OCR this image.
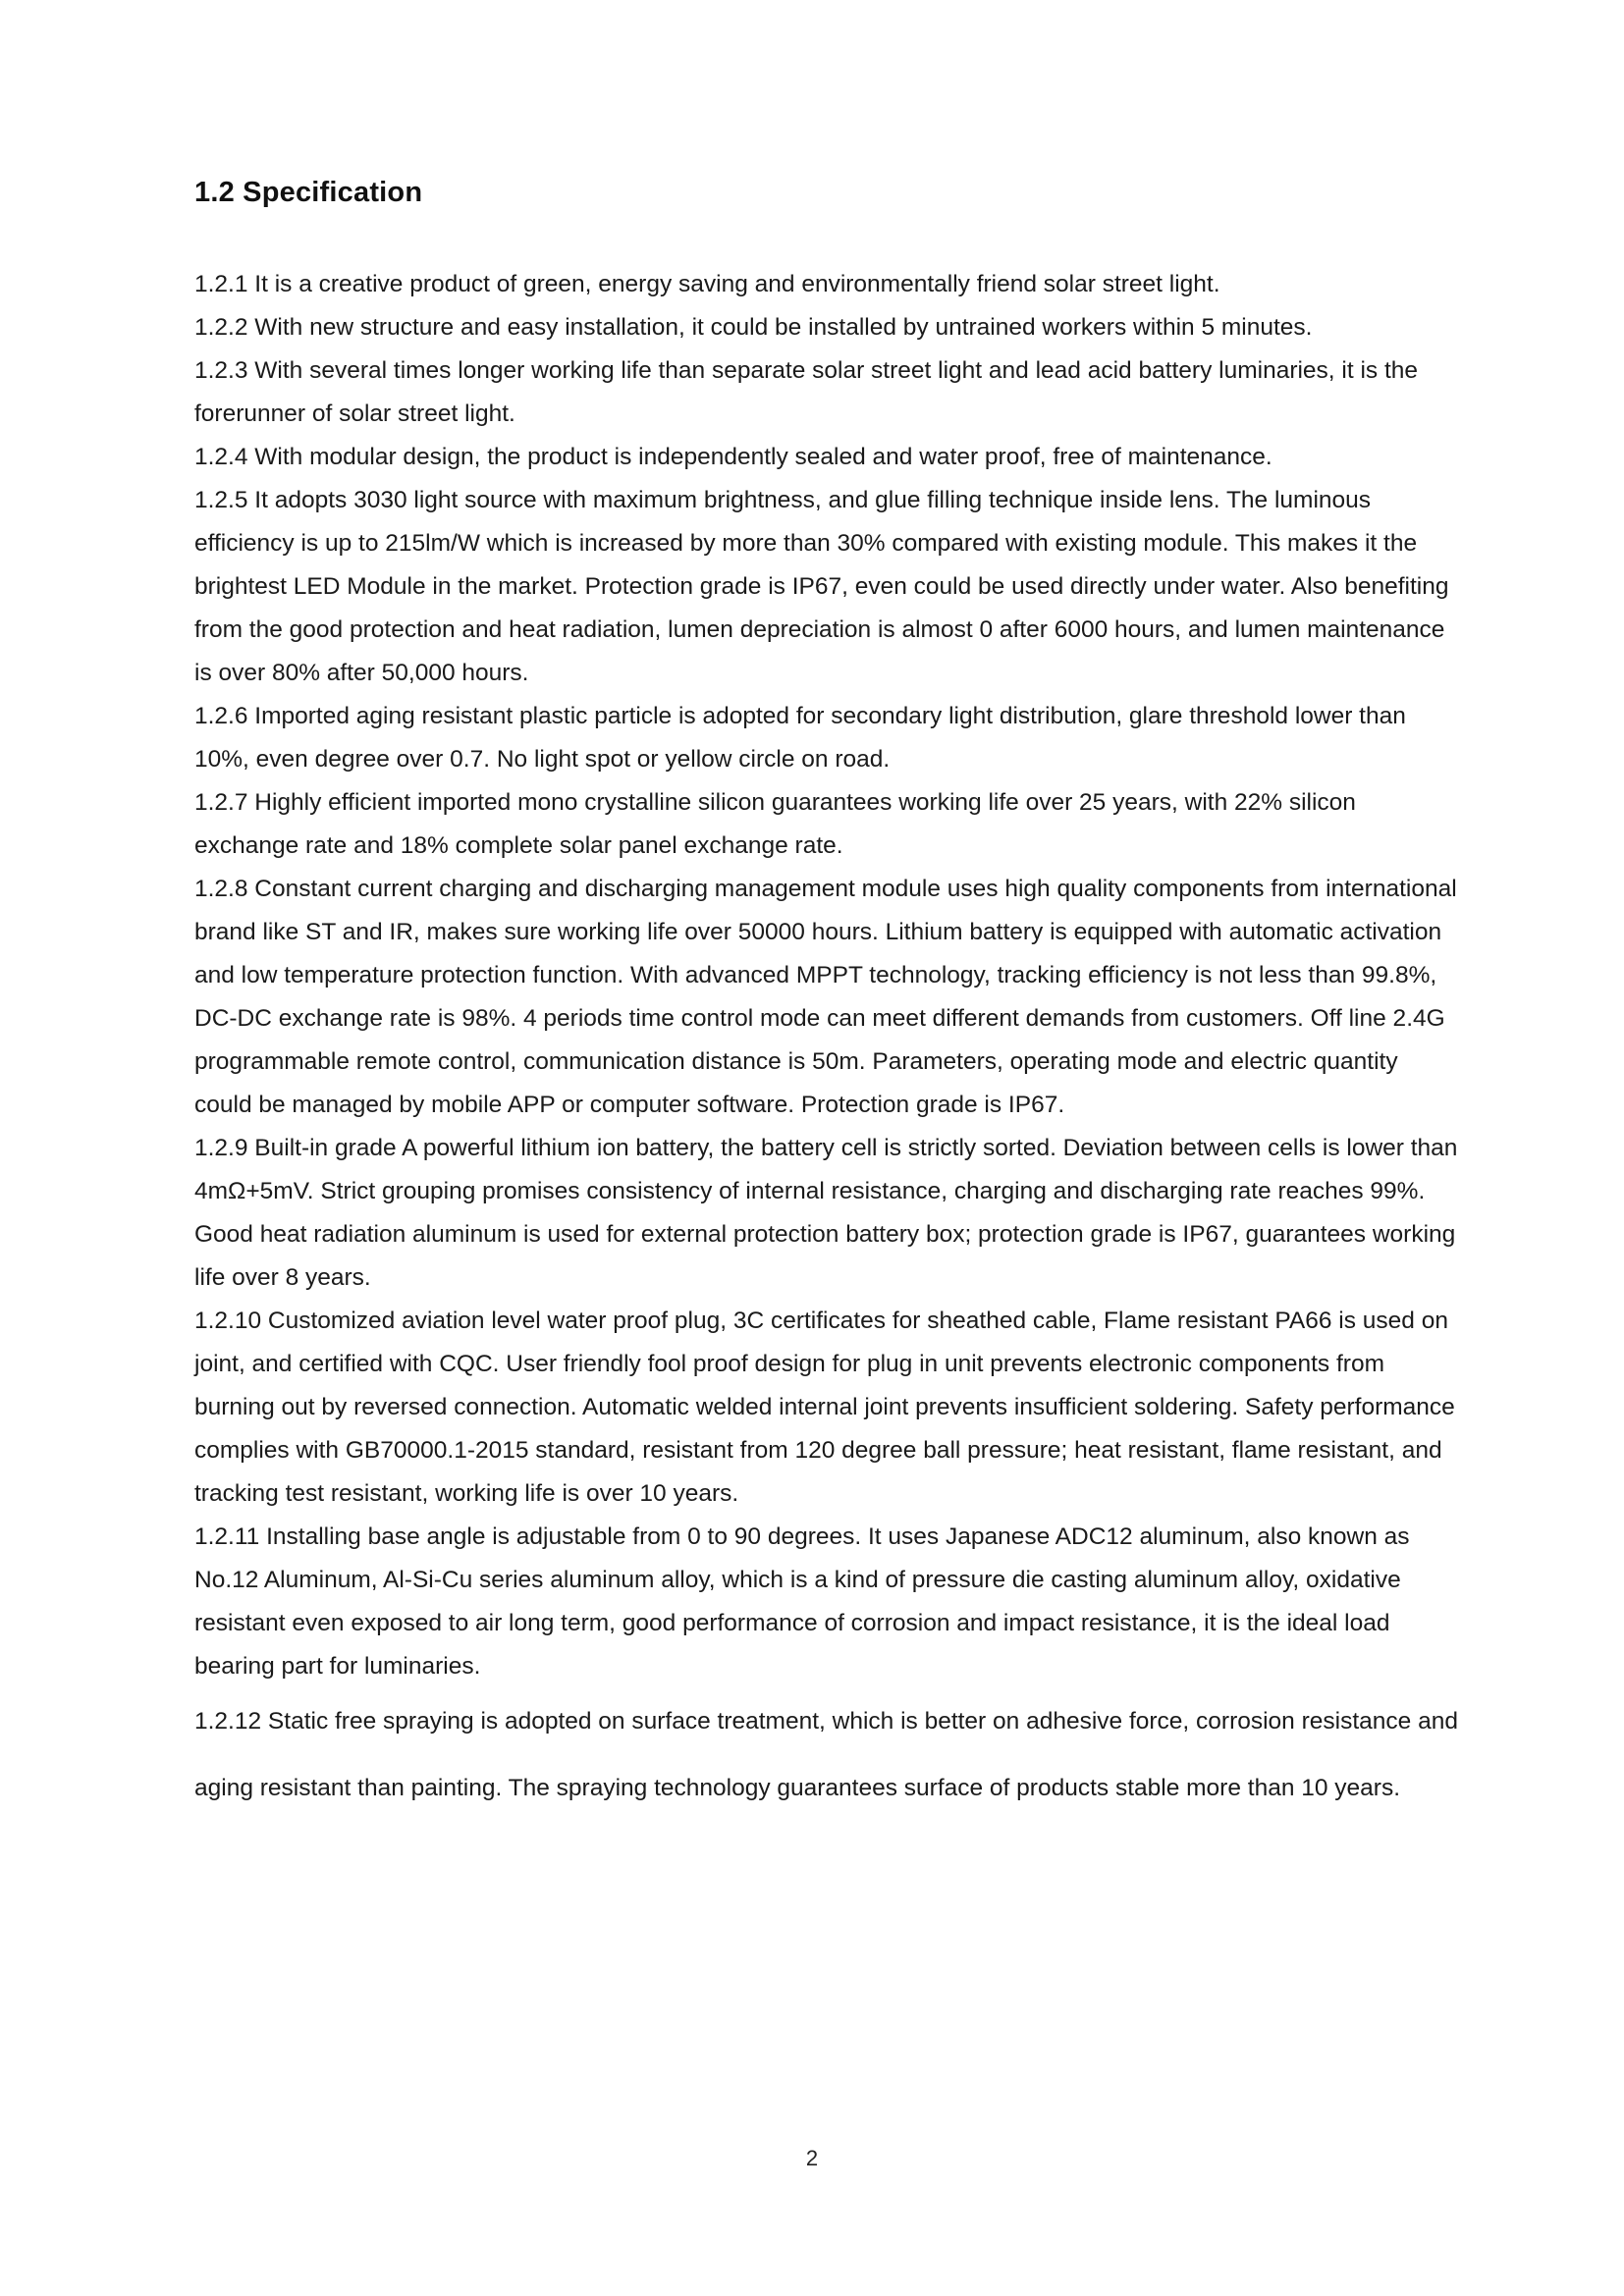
1.2 Specification

1.2.1 It is a creative product of green, energy saving and environmentally friend solar street light.

1.2.2 With new structure and easy installation, it could be installed by untrained workers within 5 minutes.

1.2.3 With several times longer working life than separate solar street light and lead acid battery luminaries, it is the forerunner of solar street light.

1.2.4 With modular design, the product is independently sealed and water proof, free of maintenance.

1.2.5 It adopts 3030 light source with maximum brightness, and glue filling technique inside lens. The luminous efficiency is up to 215lm/W which is increased by more than 30% compared with existing module. This makes it the brightest LED Module in the market. Protection grade is IP67, even could be used directly under water. Also benefiting from the good protection and heat radiation, lumen depreciation is almost 0 after 6000 hours, and lumen maintenance is over 80% after 50,000 hours.

1.2.6 Imported aging resistant plastic particle is adopted for secondary light distribution, glare threshold lower than 10%, even degree over 0.7. No light spot or yellow circle on road.

1.2.7 Highly efficient imported mono crystalline silicon guarantees working life over 25 years, with 22% silicon exchange rate and 18% complete solar panel exchange rate.

1.2.8 Constant current charging and discharging management module uses high quality components from international brand like ST and IR, makes sure working life over 50000 hours. Lithium battery is equipped with automatic activation and low temperature protection function. With advanced MPPT technology, tracking efficiency is not less than 99.8%, DC-DC exchange rate is 98%. 4 periods time control mode can meet different demands from customers. Off line 2.4G programmable remote control, communication distance is 50m. Parameters, operating mode and electric quantity could be managed by mobile APP or computer software. Protection grade is IP67.

1.2.9 Built-in grade A powerful lithium ion battery, the battery cell is strictly sorted. Deviation between cells is lower than 4mΩ+5mV. Strict grouping promises consistency of internal resistance, charging and discharging rate reaches 99%. Good heat radiation aluminum is used for external protection battery box; protection grade is IP67, guarantees working life over 8 years.

1.2.10 Customized aviation level water proof plug, 3C certificates for sheathed cable, Flame resistant PA66 is used on joint, and certified with CQC. User friendly fool proof design for plug in unit prevents electronic components from burning out by reversed connection. Automatic welded internal joint prevents insufficient soldering. Safety performance complies with GB70000.1-2015 standard, resistant from 120 degree ball pressure; heat resistant, flame resistant, and tracking test resistant, working life is over 10 years.

1.2.11 Installing base angle is adjustable from 0 to 90 degrees. It uses Japanese ADC12 aluminum, also known as No.12 Aluminum, Al-Si-Cu series aluminum alloy, which is a kind of pressure die casting aluminum alloy, oxidative resistant even exposed to air long term, good performance of corrosion and impact resistance, it is the ideal load bearing part for luminaries.

1.2.12 Static free spraying is adopted on surface treatment, which is better on adhesive force, corrosion resistance and aging resistant than painting. The spraying technology guarantees surface of products stable more than 10 years.

2
